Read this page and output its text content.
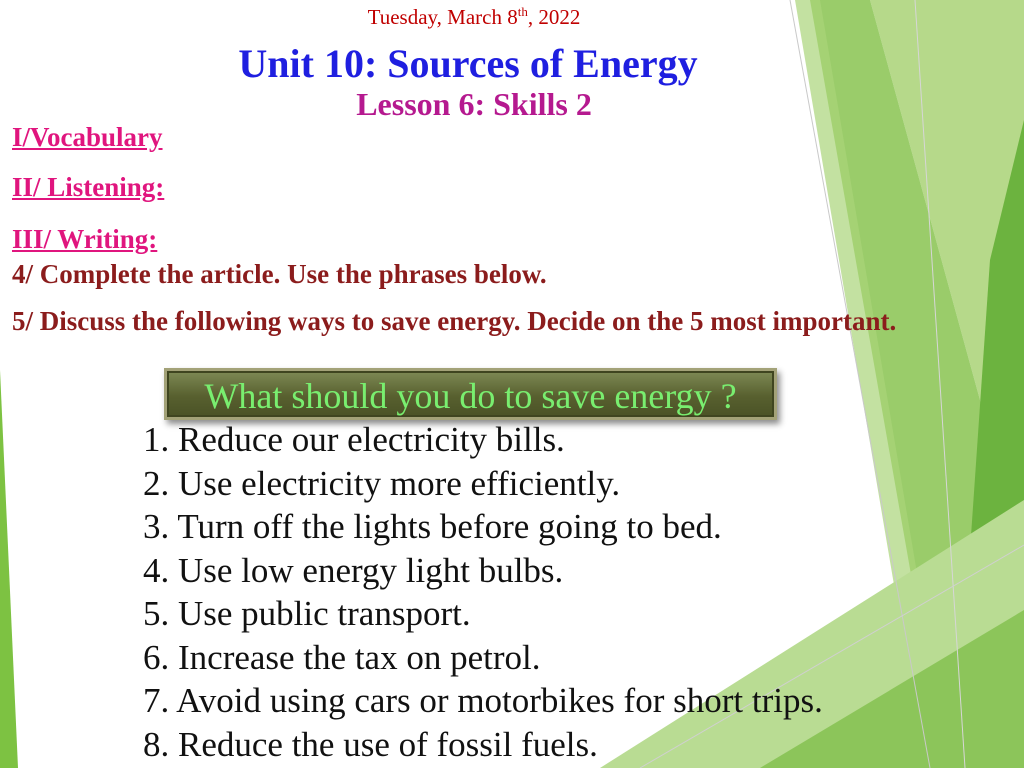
Tuesday, March 8th, 2022
Unit 10: Sources of Energy
Lesson 6: Skills 2
I/Vocabulary
II/ Listening:
III/ Writing:
4/ Complete the article. Use the phrases below.
5/ Discuss the following ways to save energy. Decide on the 5 most important.
What should you do to save energy ?
1. Reduce our electricity bills.
2. Use electricity more efficiently.
3. Turn off the lights before going to bed.
4. Use low energy light bulbs.
5. Use public transport.
6. Increase the tax on petrol.
7. Avoid using cars or motorbikes for short trips.
8. Reduce the use of fossil fuels.
